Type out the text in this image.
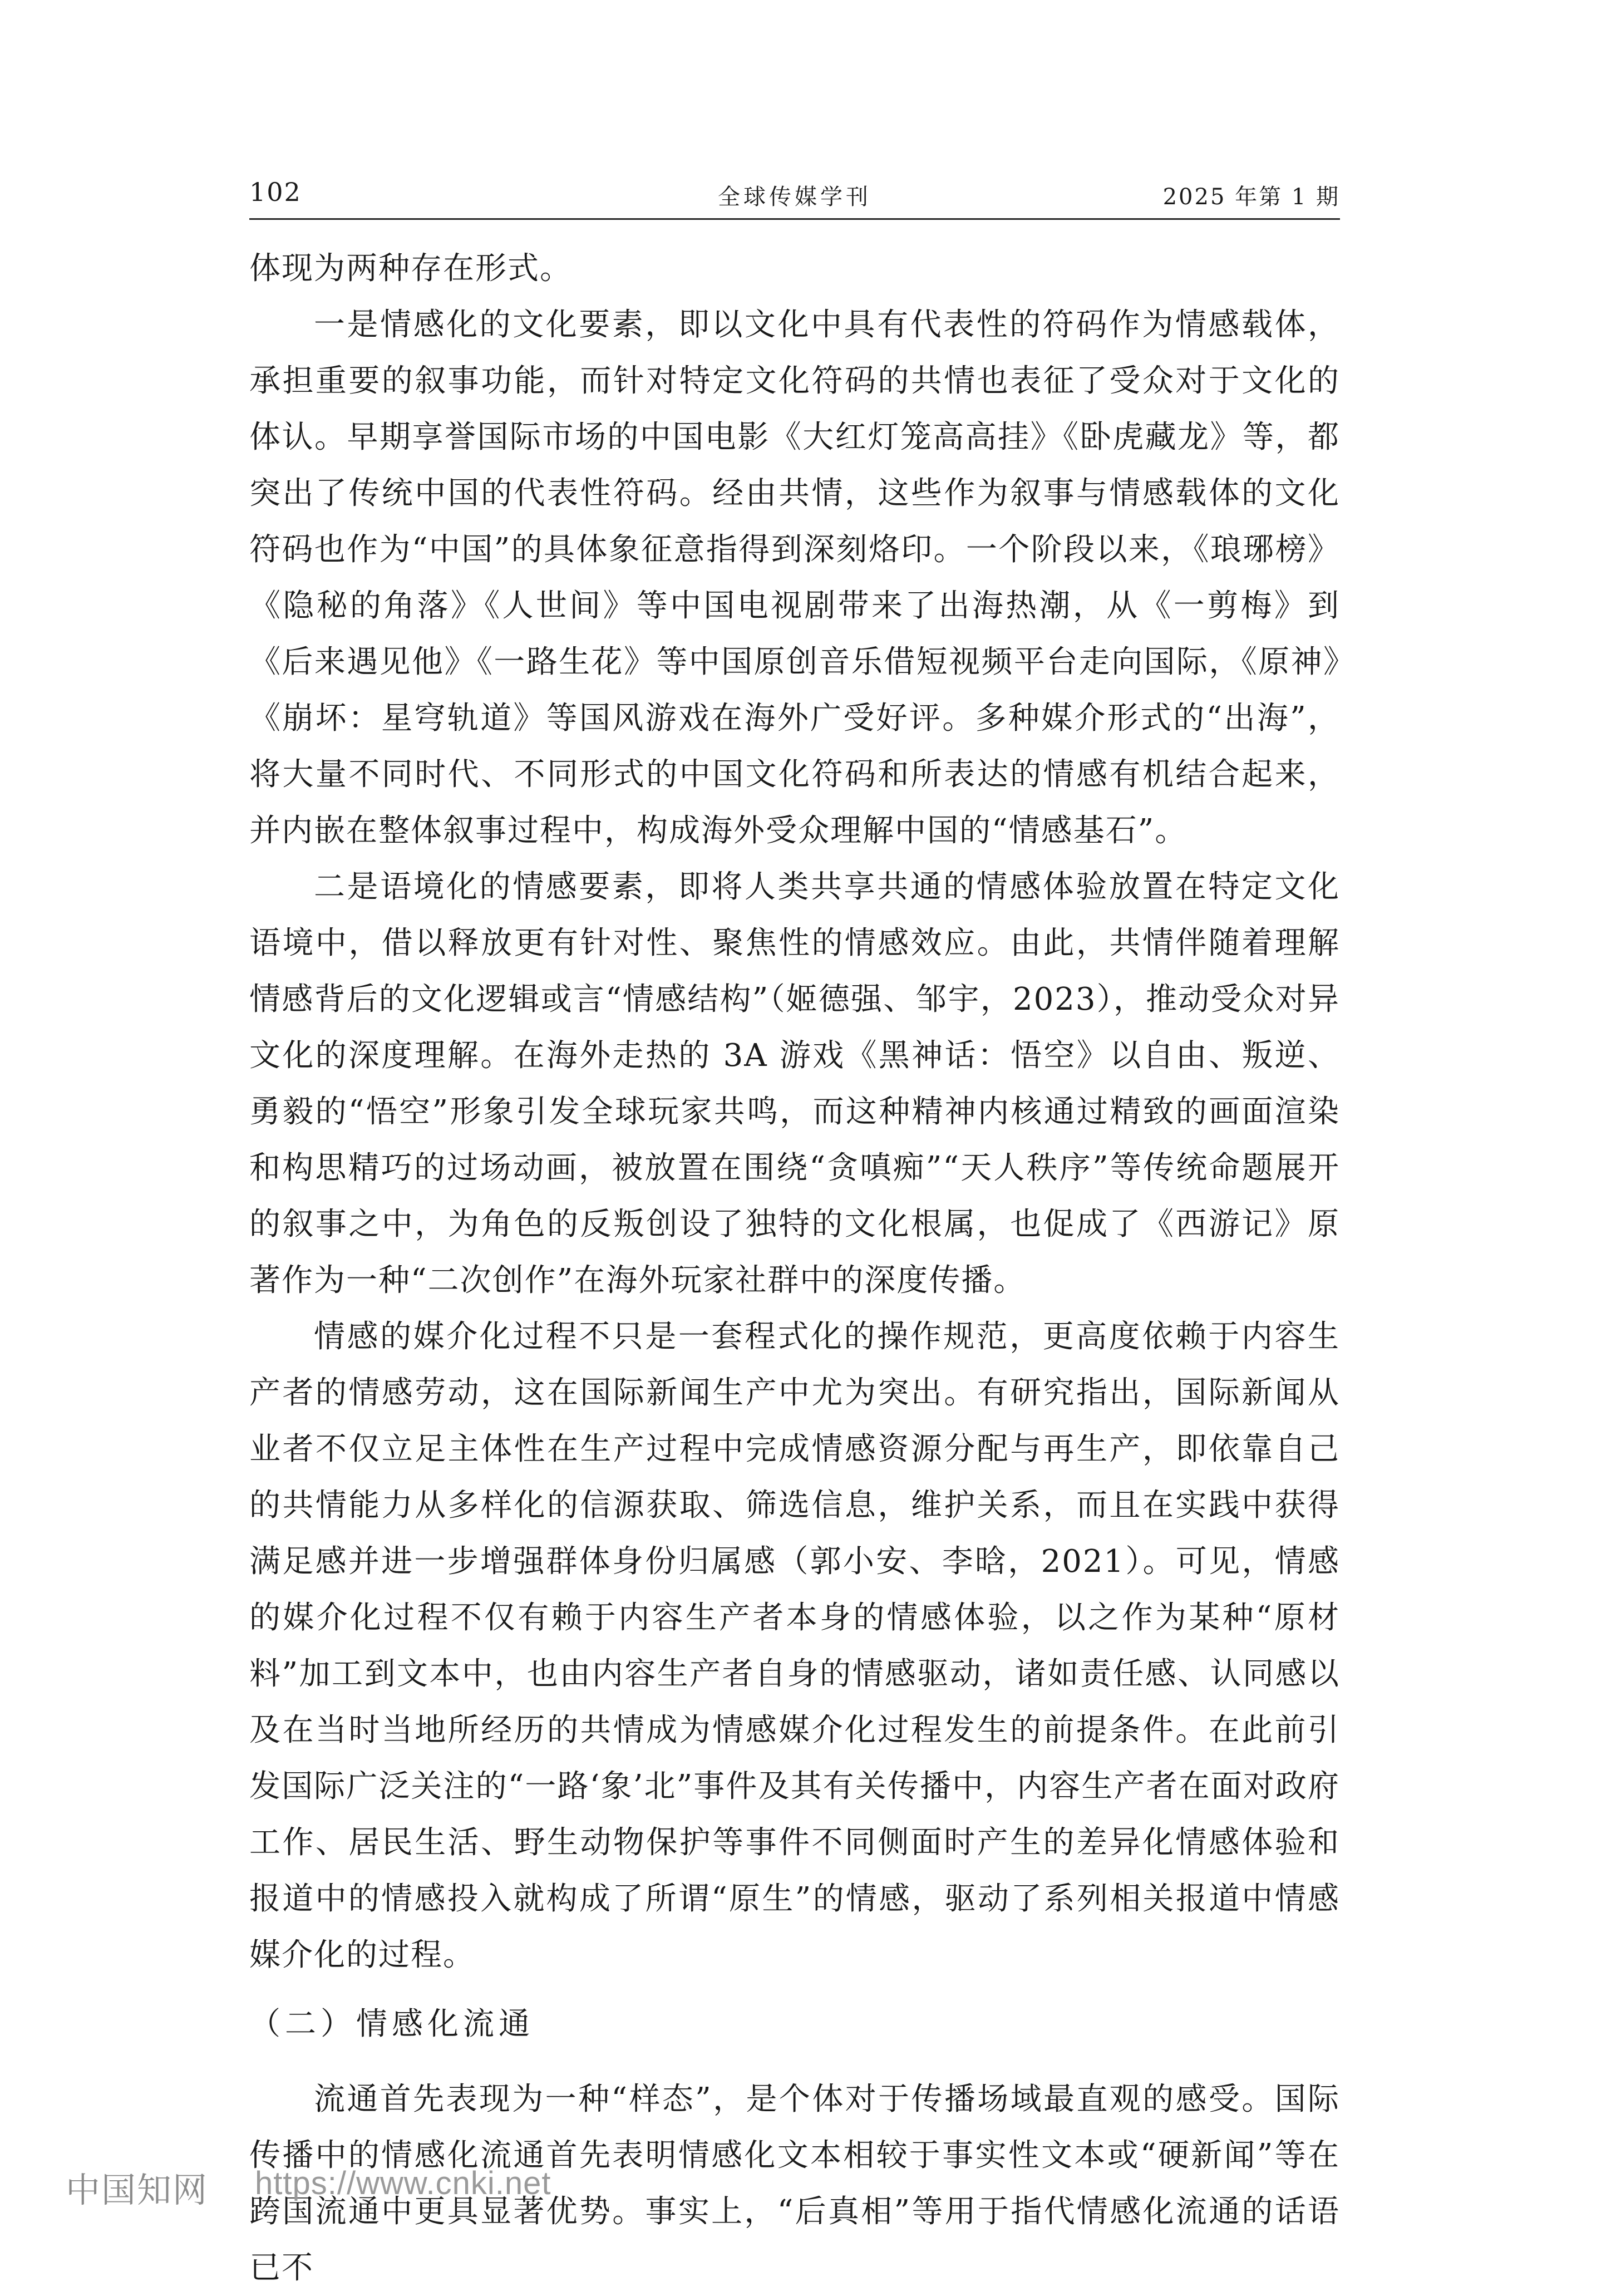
102	全球传媒学刊	2025 年第 1 期

体现为两种存在形式。

一是情感化的文化要素，即以文化中具有代表性的符码作为情感载体，承担重要的叙事功能，而针对特定文化符码的共情也表征了受众对于文化的体认。早期享誉国际市场的中国电影《大红灯笼高高挂》《卧虎藏龙》等，都突出了传统中国的代表性符码。经由共情，这些作为叙事与情感载体的文化符码也作为“中国”的具体象征意指得到深刻烙印。一个阶段以来，《琅琊榜》《隐秘的角落》《人世间》等中国电视剧带来了出海热潮，从《一剪梅》到《后来遇见他》《一路生花》等中国原创音乐借短视频平台走向国际，《原神》《崩坏：星穹轨道》等国风游戏在海外广受好评。多种媒介形式的“出海”，将大量不同时代、不同形式的中国文化符码和所表达的情感有机结合起来，并内嵌在整体叙事过程中，构成海外受众理解中国的“情感基石”。

二是语境化的情感要素，即将人类共享共通的情感体验放置在特定文化语境中，借以释放更有针对性、聚焦性的情感效应。由此，共情伴随着理解情感背后的文化逻辑或言“情感结构”（姬德强、邹宇，2023），推动受众对异文化的深度理解。在海外走热的 3A 游戏《黑神话：悟空》以自由、叛逆、勇毅的“悟空”形象引发全球玩家共鸣，而这种精神内核通过精致的画面渲染和构思精巧的过场动画，被放置在围绕“贪嗔痴”“天人秩序”等传统命题展开的叙事之中，为角色的反叛创设了独特的文化根属，也促成了《西游记》原著作为一种“二次创作”在海外玩家社群中的深度传播。

情感的媒介化过程不只是一套程式化的操作规范，更高度依赖于内容生产者的情感劳动，这在国际新闻生产中尤为突出。有研究指出，国际新闻从业者不仅立足主体性在生产过程中完成情感资源分配与再生产，即依靠自己的共情能力从多样化的信源获取、筛选信息，维护关系，而且在实践中获得满足感并进一步增强群体身份归属感（郭小安、李晗，2021）。可见，情感的媒介化过程不仅有赖于内容生产者本身的情感体验，以之作为某种“原材料”加工到文本中，也由内容生产者自身的情感驱动，诸如责任感、认同感以及在当时当地所经历的共情成为情感媒介化过程发生的前提条件。在此前引发国际广泛关注的“一路‘象’北”事件及其有关传播中，内容生产者在面对政府工作、居民生活、野生动物保护等事件不同侧面时产生的差异化情感体验和报道中的情感投入就构成了所谓“原生”的情感，驱动了系列相关报道中情感媒介化的过程。

（二）情感化流通

流通首先表现为一种“样态”，是个体对于传播场域最直观的感受。国际传播中的情感化流通首先表明情感化文本相较于事实性文本或“硬新闻”等在跨国流通中更具显著优势。事实上，“后真相”等用于指代情感化流通的话语已不

中国知网 https://www.cnki.net
